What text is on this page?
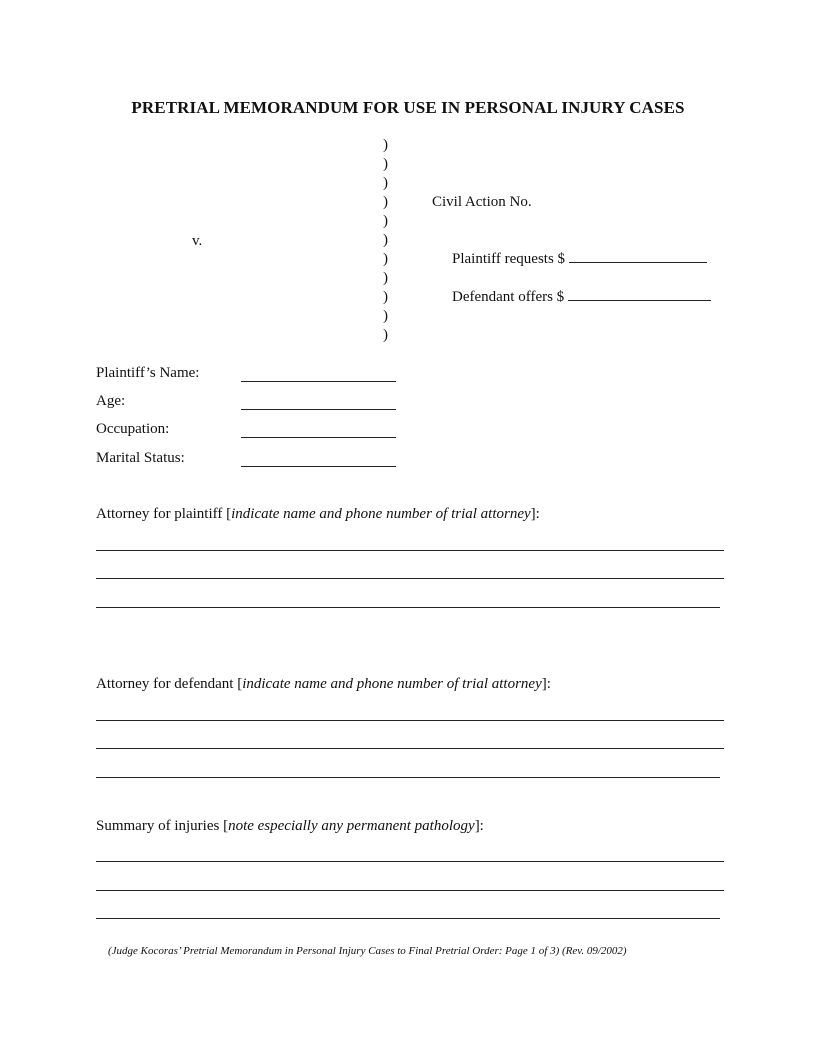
PRETRIAL MEMORANDUM FOR USE IN PERSONAL INJURY CASES
)
)
)
)
)
)
)
)
)
)
)
v.
Civil Action No.
Plaintiff requests $
Defendant offers $
Plaintiff’s Name:
Age:
Occupation:
Marital Status:
Attorney for plaintiff [indicate name and phone number of trial attorney]:
Attorney for defendant [indicate name and phone number of trial attorney]:
Summary of injuries [note especially any permanent pathology]:
(Judge Kocoras’ Pretrial Memorandum in Personal Injury Cases to Final Pretrial Order: Page 1 of 3) (Rev. 09/2002)
